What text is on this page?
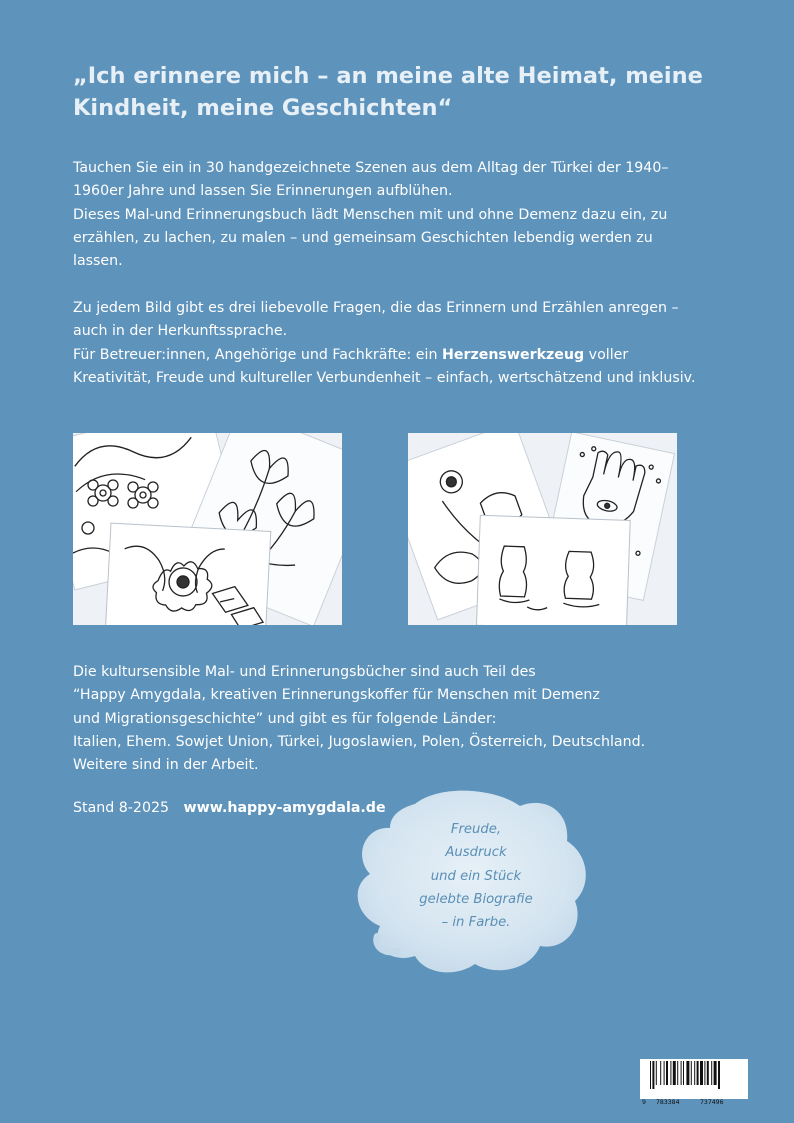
„Ich erinnere mich – an meine alte Heimat, meine
Kindheit, meine Geschichten“

Tauchen Sie ein in 30 handgezeichnete Szenen aus dem Alltag der Türkei der 1940–
1960er Jahre und lassen Sie Erinnerungen aufblühen.
Dieses Mal-und Erinnerungsbuch lädt Menschen mit und ohne Demenz dazu ein, zu
erzählen, zu lachen, zu malen – und gemeinsam Geschichten lebendig werden zu
lassen.

Zu jedem Bild gibt es drei liebevolle Fragen, die das Erinnern und Erzählen anregen –
auch in der Herkunftssprache.
Für Betreuer:innen, Angehörige und Fachkräfte: ein Herzenswerkzeug voller
Kreativität, Freude und kultureller Verbundenheit – einfach, wertschätzend und inklusiv.

Die kultursensible Mal- und Erinnerungsbücher sind auch Teil des
“Happy Amygdala, kreativen Erinnerungskoffer für Menschen mit Demenz
und Migrationsgeschichte” und gibt es für folgende Länder:
Italien, Ehem. Sowjet Union, Türkei, Jugoslawien, Polen, Österreich, Deutschland.
Weitere sind in der Arbeit.

Stand 8-2025 www.happy-amygdala.de
Freude,
Ausdruck
und ein Stück
gelebte Biografie
– in Farbe.
9 783384	737496
